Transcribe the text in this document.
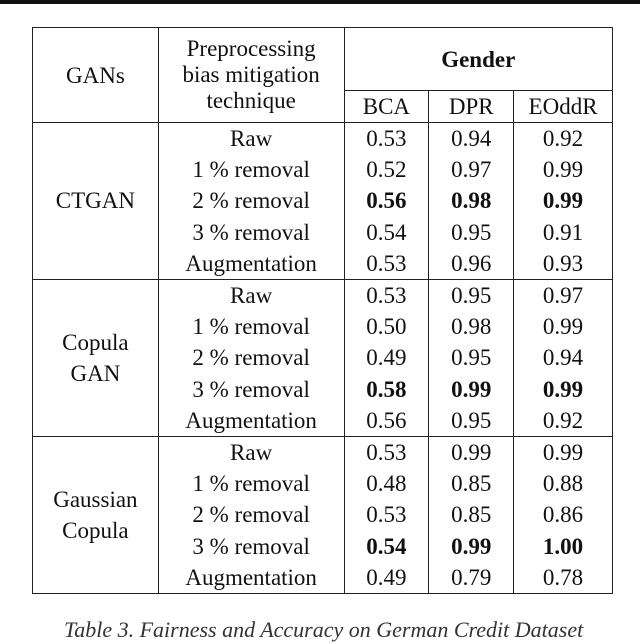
GANs	Preprocessing
bias mitigation
technique	Gender		
		BCA	DPR	EOddR

CTGAN	Raw	0.53	0.94	0.92
	1 % removal	0.52	0.97	0.99
	2 % removal	0.56	0.98	0.99
	3 % removal	0.54	0.95	0.91
	Augmentation	0.53	0.96	0.93

Copula
GAN	Raw	0.53	0.95	0.97
	1 % removal	0.50	0.98	0.99
	2 % removal	0.49	0.95	0.94
	3 % removal	0.58	0.99	0.99
	Augmentation	0.56	0.95	0.92

Gaussian
Copula	Raw	0.53	0.99	0.99
	1 % removal	0.48	0.85	0.88
	2 % removal	0.53	0.85	0.86
	3 % removal	0.54	0.99	1.00
	Augmentation	0.49	0.79	0.78
Table 3. Fairness and Accuracy on German Credit Dataset
